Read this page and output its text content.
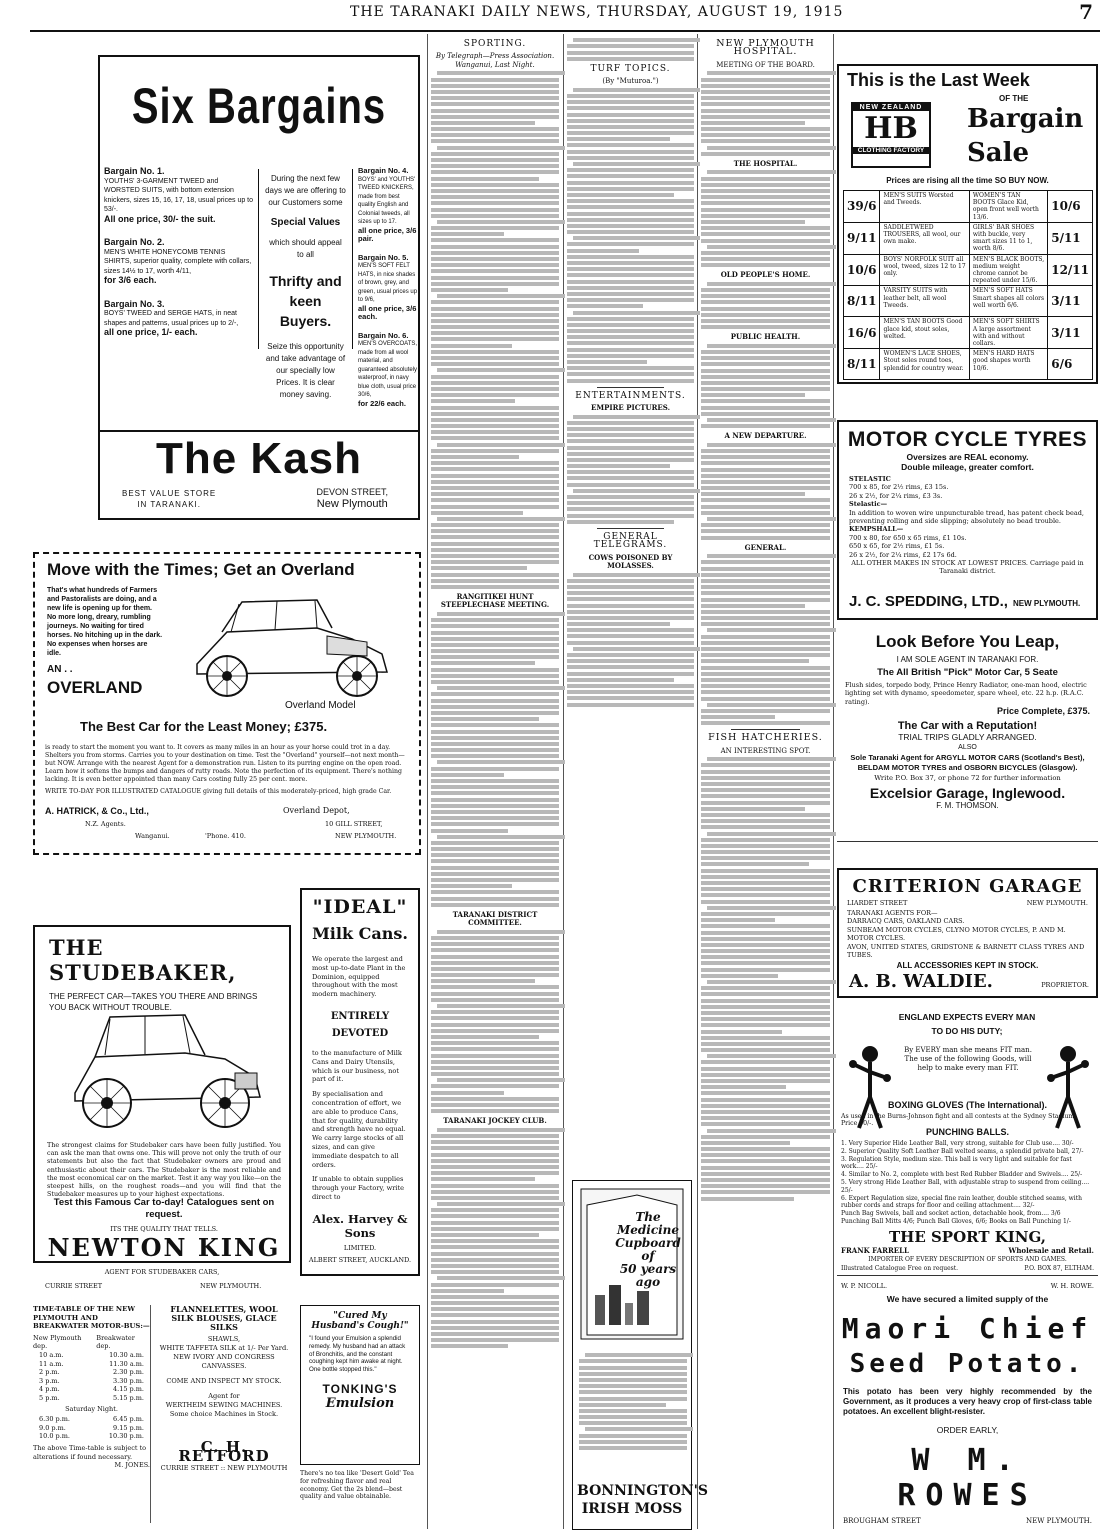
THE TARANAKI DAILY NEWS, THURSDAY, AUGUST 19, 1915	7
Six Bargains
Bargain No. 1.
YOUTHS' 3-GARMENT TWEED and WORSTED SUITS, with bottom extension knickers, sizes 15, 16, 17, 18, usual prices up to 53/-.
All one price, 30/- the suit.
Bargain No. 2.
MEN'S WHITE HONEYCOMB TENNIS SHIRTS, superior quality, complete with collars, sizes 14½ to 17, worth 4/11,
for 3/6 each.
Bargain No. 3.
BOYS' TWEED and SERGE HATS, in neat shapes and patterns, usual prices up to 2/-,
all one price, 1/- each.
During the next few days we are offering to our Customers some
Special Values
which should appeal to all
Thrifty and keen Buyers.
Seize this opportunity and take advantage of our specially low Prices. It is clear money saving.
Bargain No. 4.
BOYS' and YOUTHS' TWEED KNICKERS, made from best quality English and Colonial tweeds, all sizes up to 17.
all one price, 3/6 pair.
Bargain No. 5.
MEN'S SOFT FELT HATS, in nice shades of brown, grey, and green, usual prices up to 9/6,
all one price, 3/6 each.
Bargain No. 6.
MEN'S OVERCOATS, made from all wool material, and guaranteed absolutely waterproof, in navy blue cloth, usual price 30/6,
for 22/6 each.
The Kash
BEST VALUE STORE
IN TARANAKI.
DEVON STREET,
New Plymouth
Move with the Times; Get an Overland
That's what hundreds of Farmers and Pastoralists are doing, and a new life is opening up for them. No more long, dreary, rumbling journeys. No waiting for tired horses. No hitching up in the dark. No expenses when horses are idle.
AN . .
OVERLAND
Overland Model
The Best Car for the Least Money; £375.
is ready to start the moment you want to. It covers as many miles in an hour as your horse could trot in a day. Shelters you from storms. Carries you to your destination on time. Test the "Overland" yourself—not next month—but NOW. Arrange with the nearest Agent for a demonstration run. Listen to its purring engine on the open road. Learn how it softens the bumps and dangers of rutty roads. Note the perfection of its equipment. There's nothing lacking. It is even better appointed than many Cars costing fully 25 per cent. more.
WRITE TO-DAY FOR ILLUSTRATED CATALOGUE giving full details of this moderately-priced, high grade Car.
A. HATRICK, & Co., Ltd.,	Overland Depot,
N.Z. Agents.	10 GILL STREET,
Wanganui.	'Phone. 410.	NEW PLYMOUTH.
THE STUDEBAKER,
THE PERFECT CAR—TAKES YOU THERE AND BRINGS YOU BACK WITHOUT TROUBLE.
The strongest claims for Studebaker cars have been fully justified. You can ask the man that owns one. This will prove not only the truth of our statements but also the fact that Studebaker owners are proud and enthusiastic about their cars. The Studebaker is the most reliable and the most economical car on the market. Test it any way you like—on the steepest hills, on the roughest roads—and you will find that the Studebaker measures up to your highest expectations.
Test this Famous Car to-day! Catalogues sent on request.
ITS THE QUALITY THAT TELLS.
NEWTON KING
AGENT FOR STUDEBAKER CARS,
CURRIE STREET	NEW PLYMOUTH.
"IDEAL"
Milk Cans.
We operate the largest and most up-to-date Plant in the Dominion, equipped throughout with the most modern machinery.
ENTIRELY
DEVOTED
to the manufacture of Milk Cans and Dairy Utensils, which is our business, not part of it.
By specialisation and concentration of effort, we are able to produce Cans, that for quality, durability and strength have no equal. We carry large stocks of all sizes, and can give immediate despatch to all orders.
If unable to obtain supplies through your Factory, write direct to
Alex. Harvey & Sons
LIMITED.
ALBERT STREET, AUCKLAND.
TIME-TABLE OF THE NEW PLYMOUTH AND BREAKWATER MOTOR-BUS:—
New Plymouth dep.
Breakwater dep.
10 a.m.	10.30 a.m.
11 a.m.	11.30 a.m.
2 p.m.	2.30 p.m.
3 p.m.	3.30 p.m.
4 p.m.	4.15 p.m.
5 p.m.	5.15 p.m.
Saturday Night.
6.30 p.m.	6.45 p.m.
9.0 p.m.	9.15 p.m.
10.0 p.m.	10.30 p.m.
The above Time-table is subject to alterations if found necessary.
M. JONES.
FLANNELETTES, WOOL SILK BLOUSES, GLACE SILKS
SHAWLS,
WHITE TAFFETA SILK at 1/- Per Yard.
NEW IVORY AND CONGRESS CANVASSES.
COME AND INSPECT MY STOCK.
Agent for
WERTHEIM SEWING MACHINES.
Some choice Machines in Stock.
C. H. RETFORD
CURRIE STREET :: NEW PLYMOUTH
"Cured My Husband's Cough!"
"I found your Emulsion a splendid remedy. My husband had an attack of Bronchitis, and the constant coughing kept him awake at night. One bottle stopped this."
TONKING'S
Emulsion
There's no tea like 'Desert Gold' Tea for refreshing flavor and real economy. Get the 2s blend—best quality and value obtainable.
SPORTING.
By Telegraph—Press Association. Wanganui, Last Night.
RANGITIKEI HUNT STEEPLECHASE MEETING.
TARANAKI DISTRICT COMMITTEE.
TARANAKI JOCKEY CLUB.
TURF TOPICS.
(By "Muturoa.")
ENTERTAINMENTS.
EMPIRE PICTURES.
GENERAL TELEGRAMS.
COWS POISONED BY MOLASSES.
The
Medicine
Cupboard of
50 years ago
BONNINGTON'S
IRISH MOSS
NEW PLYMOUTH HOSPITAL.
MEETING OF THE BOARD.
THE HOSPITAL.
OLD PEOPLE'S HOME.
PUBLIC HEALTH.
A NEW DEPARTURE.
GENERAL.
FISH HATCHERIES.
AN INTERESTING SPOT.
This is the Last Week
OF THE
NEW ZEALAND
HB
CLOTHING FACTORY
Bargain
Sale
Prices are rising all the time SO BUY NOW.
39/6	MEN'S SUITS Worsted and Tweeds.	WOMEN'S TAN BOOTS Glace Kid, open front well worth 13/6.	10/6
9/11	SADDLETWEED TROUSERS, all wool, our own make.	GIRLS' BAR SHOES with buckle, very smart sizes 11 to 1, worth 8/6.	5/11
10/6	BOYS' NORFOLK SUIT all wool, tweed, sizes 12 to 17 only.	MEN'S BLACK BOOTS, medium weight chrome cannot be repeated under 15/6.	12/11
8/11	VARSITY SUITS with leather belt, all wool Tweeds.	MEN'S SOFT HATS Smart shapes all colors well worth 6/6.	3/11
16/6	MEN'S TAN BOOTS Good glace kid, stout soles, welted.	MEN'S SOFT SHIRTS A large assortment with and without collars.	3/11
8/11	WOMEN'S LACE SHOES, Stout soles round toes, splendid for country wear.	MEN'S HARD HATS good shapes worth 10/6.	6/6
MOTOR CYCLE TYRES
Oversizes are REAL economy.
Double mileage, greater comfort.
STELASTIC
700 x 85, for 2½ rims, £3 15s.
26 x 2½, for 2¼ rims, £3 3s.
Stelastic—
In addition to woven wire unpuncturable tread, has patent check bead, preventing rolling and side slipping; absolutely no bead trouble.
KEMPSHALL—
700 x 80, for 650 x 65 rims, £1 10s.
650 x 65, for 2½ rims, £1 5s.
26 x 2½, for 2¼ rims, £2 17s 6d.
ALL OTHER MAKES IN STOCK AT LOWEST PRICES. Carriage paid in Taranaki district.
J. C. SPEDDING, LTD., NEW PLYMOUTH.
Look Before You Leap,
I AM SOLE AGENT IN TARANAKI FOR.
The All British "Pick" Motor Car, 5 Seate
Flush sides, torpedo body, Prince Henry Radiator, one-man hood, electric lighting set with dynamo, speedometer, spare wheel, etc. 22 h.p. (R.A.C. rating).
Price Complete, £375.
The Car with a Reputation!
TRIAL TRIPS GLADLY ARRANGED.
ALSO
Sole Taranaki Agent for ARGYLL MOTOR CARS (Scotland's Best), BELDAM MOTOR TYRES and OSBORN BICYCLES (Glasgow).
Write P.O. Box 37, or phone 72 for further information
Excelsior Garage, Inglewood.
F. M. THOMSON.
CRITERION GARAGE
LIARDET STREET	NEW PLYMOUTH.
TARANAKI AGENTS FOR—
DARRACQ CARS, OAKLAND CARS.
SUNBEAM MOTOR CYCLES, CLYNO MOTOR CYCLES, P. AND M. MOTOR CYCLES.
AVON, UNITED STATES, GRIDSTONE & BARNETT CLASS TYRES AND TUBES.
ALL ACCESSORIES KEPT IN STOCK.
A. B. WALDIE.	PROPRIETOR.
ENGLAND EXPECTS EVERY MAN TO DO HIS DUTY;
By EVERY man she means FIT man. The use of the following Goods, will help to make every man FIT.
BOXING GLOVES (The International).
As used in the Burns-Johnson fight and all contests at the Sydney Stadium. Price 30/-.
PUNCHING BALLS.
1. Very Superior Hide Leather Ball, very strong, suitable for Club use.... 30/-
2. Superior Quality Soft Leather Ball welted seams, a splendid private ball, 27/-
3. Regulation Style, medium size. This ball is very light and suitable for fast work.... 25/-
4. Similar to No. 2, complete with best Red Rubber Bladder and Swivels.... 25/-
5. Very strong Hide Leather Ball, with adjustable strap to suspend from ceiling.... 25/-
6. Expert Regulation size, special fine rain leather, double stitched seams, with rubber cords and straps for floor and ceiling attachment.... 32/-
Punch Bag Swivels, ball and socket action, detachable hook, from.... 3/6
Punching Ball Mitts 4/6; Punch Ball Gloves, 6/6; Books on Ball Punching 1/-
THE SPORT KING,
FRANK FARRELL	Wholesale and Retail.
IMPORTER OF EVERY DESCRIPTION OF SPORTS AND GAMES.
Illustrated Catalogue Free on request.	P.O. BOX 87, ELTHAM.
W. P. NICOLL.	W. H. ROWE.
We have secured a limited supply of the
Maori Chief
Seed Potato.
This potato has been very highly recommended by the Government, as it produces a very heavy crop of first-class table potatoes. An excellent blight-resister.
ORDER EARLY,
W M. ROWES
BROUGHAM STREET	NEW PLYMOUTH.
